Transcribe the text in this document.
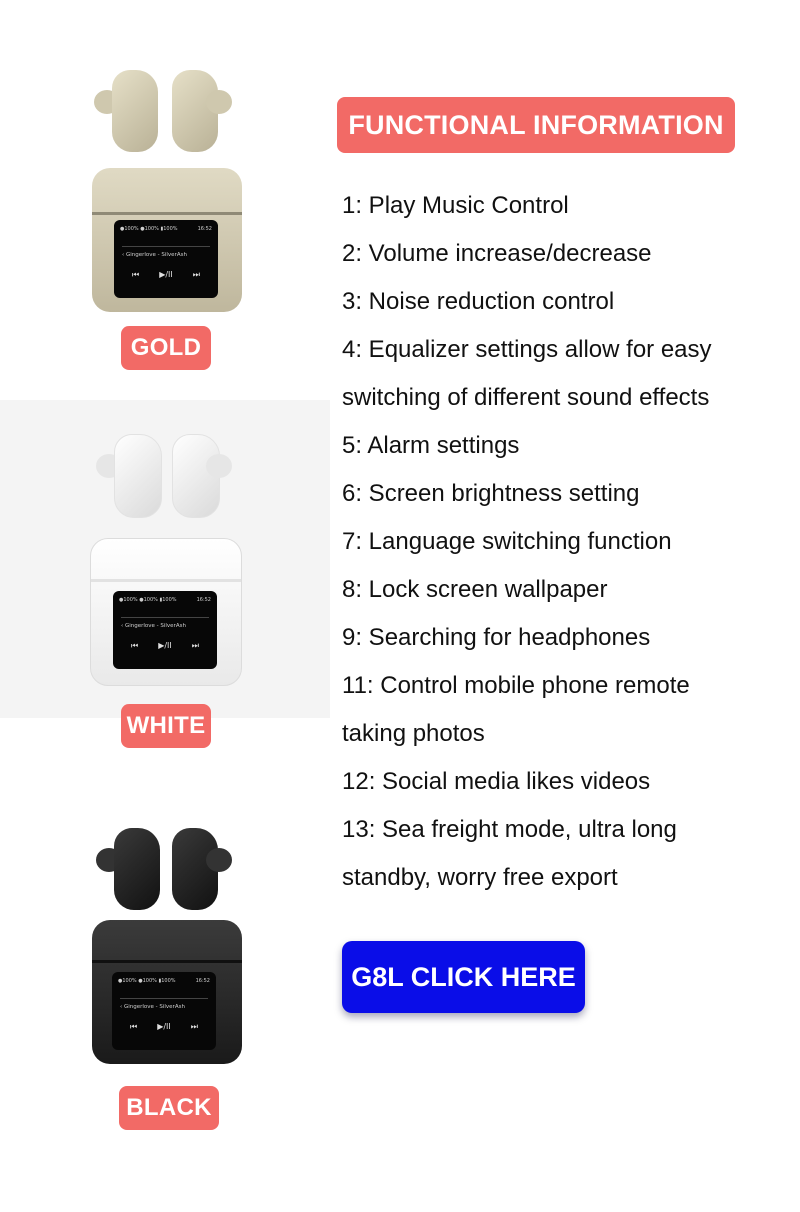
●100% ●100% ▮100%	16:52
‹ Gingerlove - SilverAsh
⏮	▶/II	⏭
GOLD
●100% ●100% ▮100%	16:52
‹ Gingerlove - SilverAsh
⏮	▶/II	⏭
WHITE
●100% ●100% ▮100%	16:52
‹ Gingerlove - SilverAsh
⏮	▶/II	⏭
BLACK
FUNCTIONAL INFORMATION
1: Play Music Control
2: Volume increase/decrease
3: Noise reduction control
4: Equalizer settings allow for easy
switching of different sound effects
5: Alarm settings
6: Screen brightness setting
7: Language switching function
8: Lock screen wallpaper
9: Searching for headphones
11: Control mobile phone remote
taking photos
12: Social media likes videos
13: Sea freight mode, ultra long
standby, worry free export
G8L CLICK HERE
